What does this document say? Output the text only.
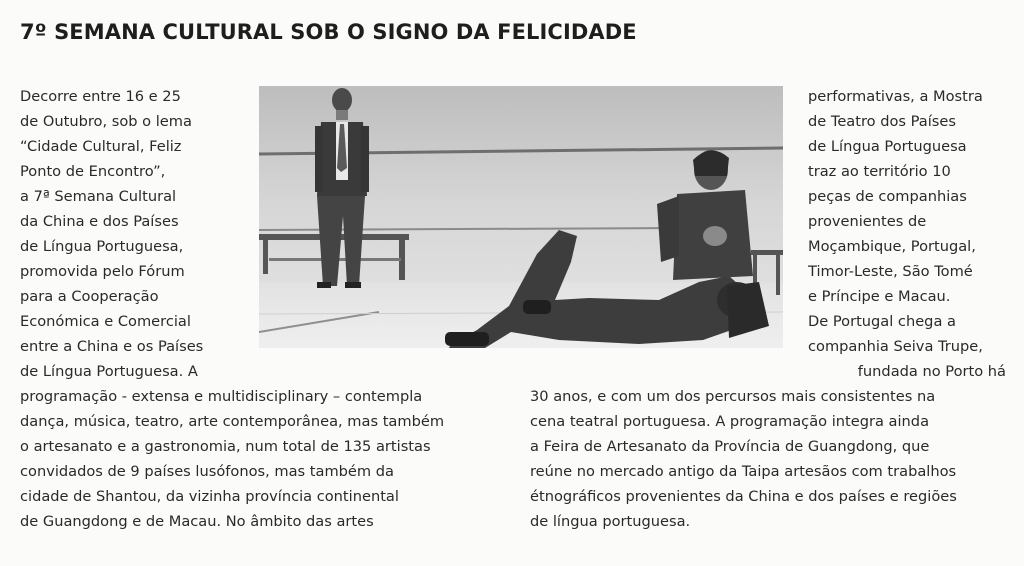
7º SEMANA CULTURAL SOB O SIGNO DA FELICIDADE
Decorre entre 16 e 25
de Outubro, sob o lema
“Cidade Cultural, Feliz
Ponto de Encontro”,
a 7ª Semana Cultural
da China e dos Países
de Língua Portuguesa,
promovida pelo Fórum
para a Cooperação
Económica e Comercial
entre a China e os Países
de Língua Portuguesa. A
programação - extensa e multidisciplinary – contempla
dança, música, teatro, arte contemporânea, mas também
o artesanato e a gastronomia, num total de 135 artistas
convidados de 9 países lusófonos, mas também da
cidade de Shantou, da vizinha província continental
de Guangdong e de Macau. No âmbito das artes
performativas, a Mostra
de Teatro dos Países
de Língua Portuguesa
traz ao território 10
peças de companhias
provenientes de
Moçambique, Portugal,
Timor-Leste, São Tomé
e Príncipe e Macau.
De Portugal chega a
companhia Seiva Trupe,
fundada no Porto há
30 anos, e com um dos percursos mais consistentes na
cena teatral portuguesa. A programação integra ainda
a Feira de Artesanato da Província de Guangdong, que
reúne no mercado antigo da Taipa artesãos com trabalhos
étnográficos provenientes da China e dos países e regiões
de língua portuguesa.
